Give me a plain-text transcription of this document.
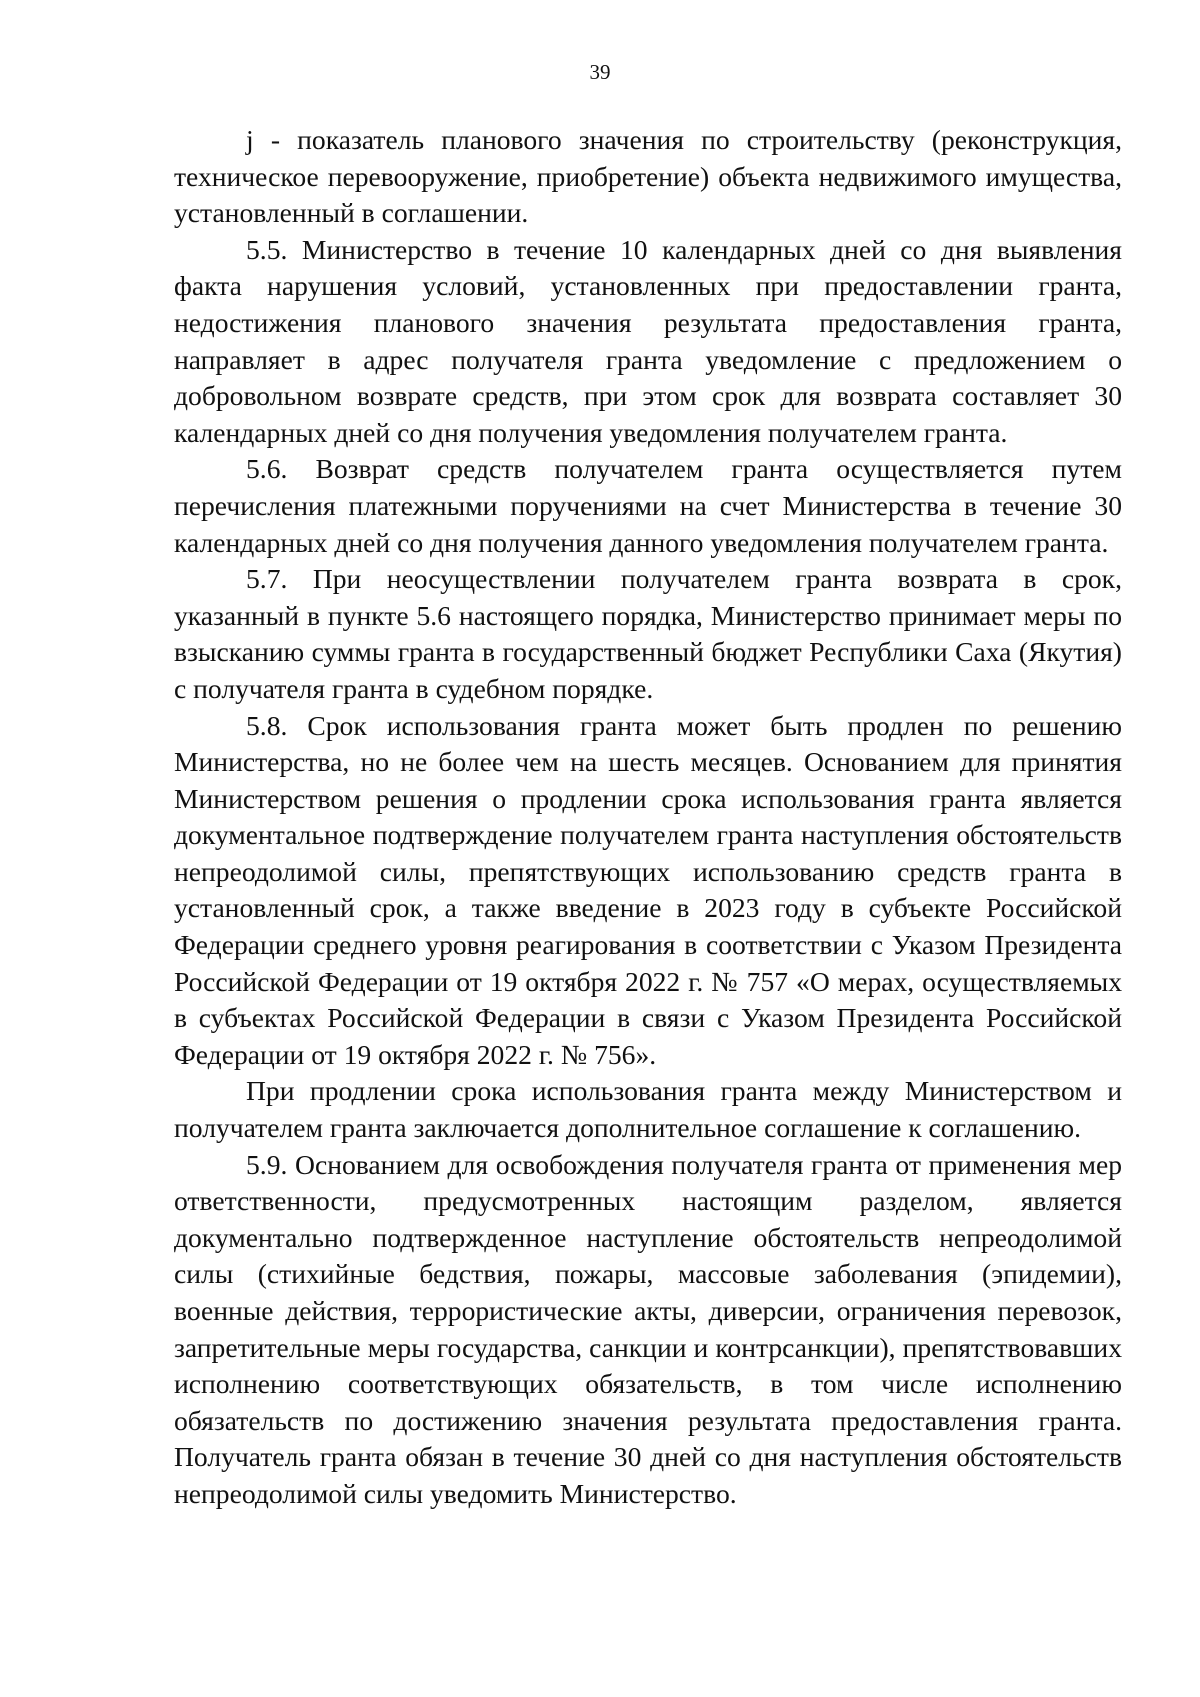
39

j - показатель планового значения по строительству (реконструкция, техническое перевооружение, приобретение) объекта недвижимого имущества, установленный в соглашении.

5.5. Министерство в течение 10 календарных дней со дня выявления факта нарушения условий, установленных при предоставлении гранта, недостижения планового значения результата предоставления гранта, направляет в адрес получателя гранта уведомление с предложением о добровольном возврате средств, при этом срок для возврата составляет 30 календарных дней со дня получения уведомления получателем гранта.

5.6. Возврат средств получателем гранта осуществляется путем перечисления платежными поручениями на счет Министерства в течение 30 календарных дней со дня получения данного уведомления получателем гранта.

5.7. При неосуществлении получателем гранта возврата в срок, указанный в пункте 5.6 настоящего порядка, Министерство принимает меры по взысканию суммы гранта в государственный бюджет Республики Саха (Якутия) с получателя гранта в судебном порядке.

5.8. Срок использования гранта может быть продлен по решению Министерства, но не более чем на шесть месяцев. Основанием для принятия Министерством решения о продлении срока использования гранта является документальное подтверждение получателем гранта наступления обстоятельств непреодолимой силы, препятствующих использованию средств гранта в установленный срок, а также введение в 2023 году в субъекте Российской Федерации среднего уровня реагирования в соответствии с Указом Президента Российской Федерации от 19 октября 2022 г. № 757 «О мерах, осуществляемых в субъектах Российской Федерации в связи с Указом Президента Российской Федерации от 19 октября 2022 г. № 756».

При продлении срока использования гранта между Министерством и получателем гранта заключается дополнительное соглашение к соглашению.

5.9. Основанием для освобождения получателя гранта от применения мер ответственности, предусмотренных настоящим разделом, является документально подтвержденное наступление обстоятельств непреодолимой силы (стихийные бедствия, пожары, массовые заболевания (эпидемии), военные действия, террористические акты, диверсии, ограничения перевозок, запретительные меры государства, санкции и контрсанкции), препятствовавших исполнению соответствующих обязательств, в том числе исполнению обязательств по достижению значения результата предоставления гранта. Получатель гранта обязан в течение 30 дней со дня наступления обстоятельств непреодолимой силы уведомить Министерство.
